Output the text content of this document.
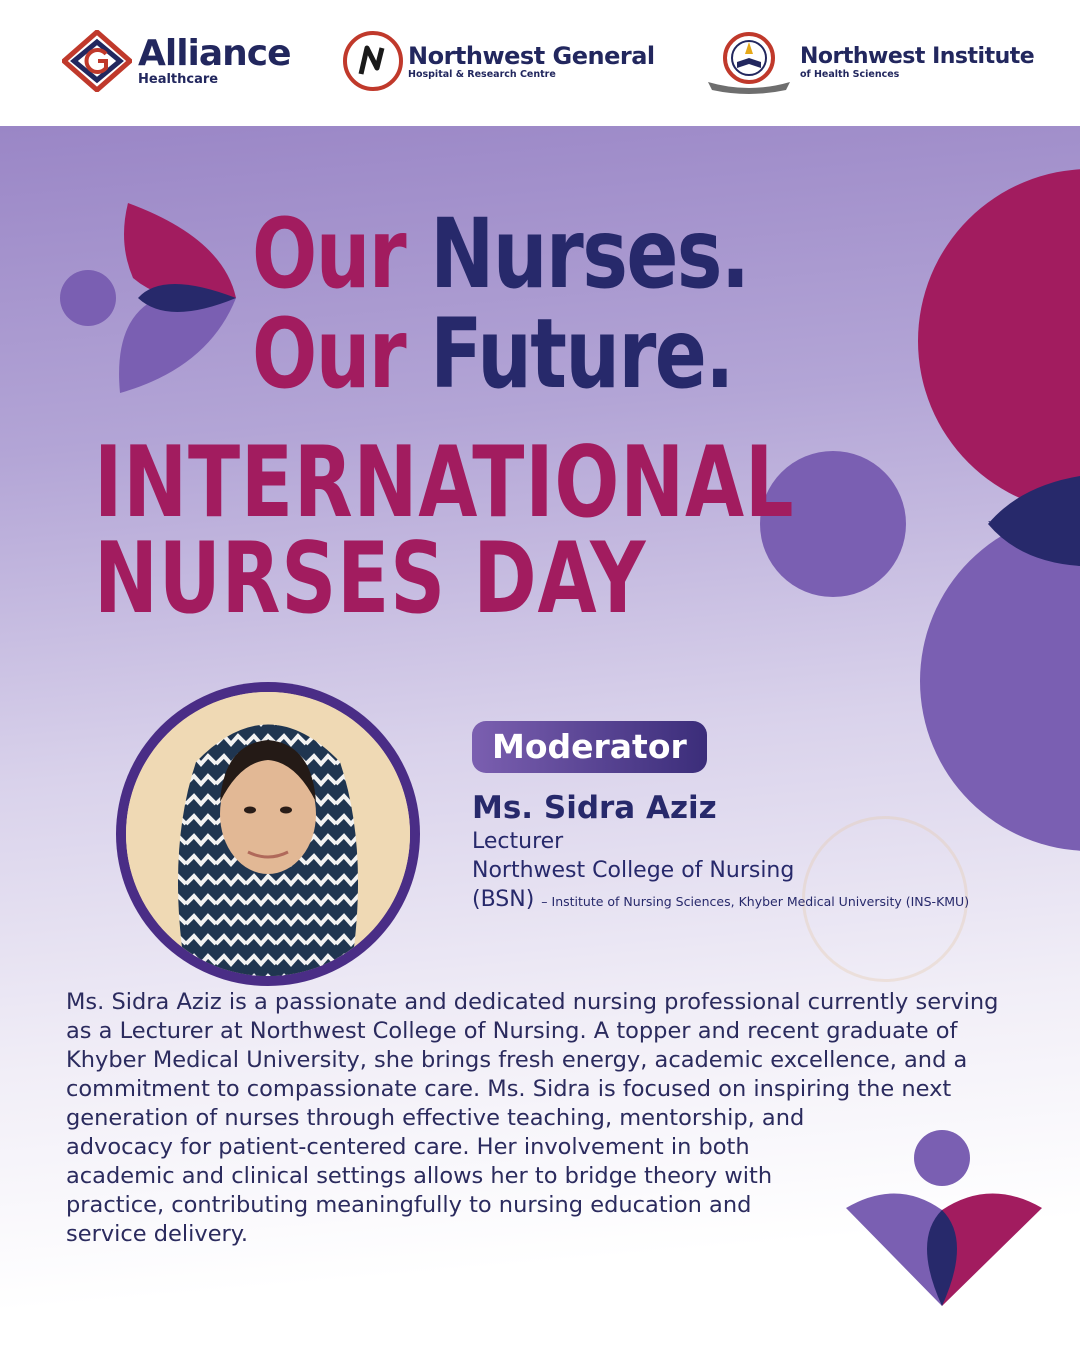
Alliance
Healthcare
Northwest General
Hospital & Research Centre
Northwest Institute
of Health Sciences
Our Nurses.
Our Future.
INTERNATIONAL
NURSES DAY
Moderator
Ms. Sidra Aziz
Lecturer
Northwest College of Nursing
(BSN) – Institute of Nursing Sciences, Khyber Medical University (INS-KMU)
Ms. Sidra Aziz is a passionate and dedicated nursing professional currently serving
as a Lecturer at Northwest College of Nursing. A topper and recent graduate of
Khyber Medical University, she brings fresh energy, academic excellence, and a
commitment to compassionate care. Ms. Sidra is focused on inspiring the next
generation of nurses through effective teaching, mentorship, and
advocacy for patient-centered care. Her involvement in both
academic and clinical settings allows her to bridge theory with
practice, contributing meaningfully to nursing education and
service delivery.
